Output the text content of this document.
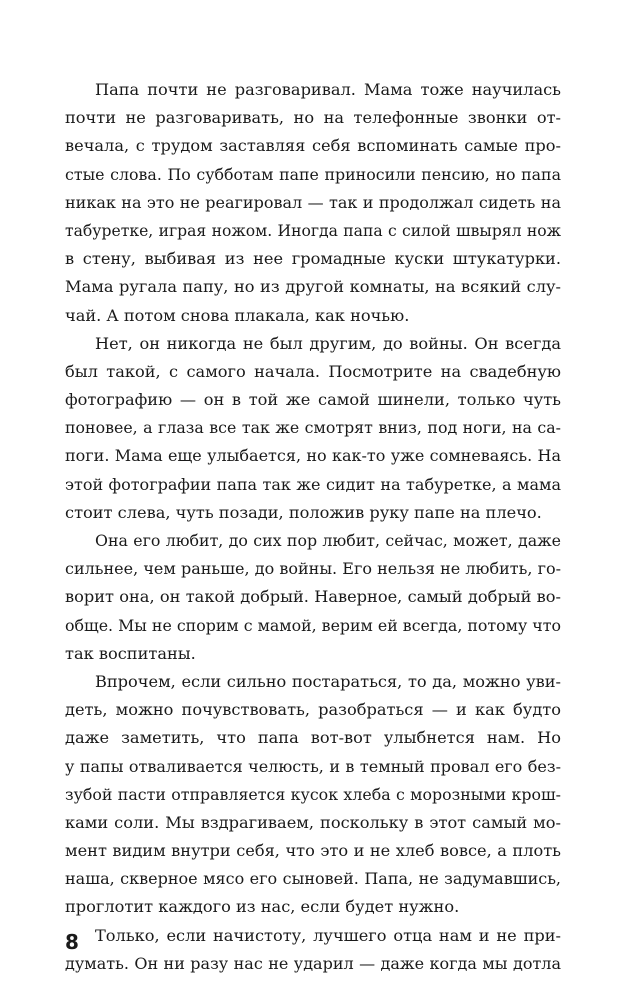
Папа почти не разговаривал. Мама тоже научилась
почти не разговаривать, но на телефонныe звонки от-
вечала, с трудом заставляя себя вспоминать самые про-
стые слова. По субботам папе приносили пенсию, но папа
никак на это не реагировал — так и продолжал сидеть на
табуретке, играя ножом. Иногда папа с силой швырял нож
в стену, выбивая из нее громадные куски штукатурки.
Мама ругала папу, но из другой комнаты, на всякий слу-
чай. А потом снова плакала, как ночью.
Нет, он никогда не был другим, до войны. Он всегда
был такой, с самого начала. Посмотрите на свадебную
фотографию — он в той же самой шинели, только чуть
поновее, а глаза все так же смотрят вниз, под ноги, на са-
поги. Мама еще улыбается, но как-то уже сомневаясь. На
этой фотографии папа так же сидит на табуретке, а мама
стоит слева, чуть позади, положив руку папе на плечо.
Она его любит, до сих пор любит, сейчас, может, даже
сильнее, чем раньше, до войны. Его нельзя не любить, го-
ворит она, он такой добрый. Наверное, самый добрый во-
обще. Мы не спорим с мамой, верим ей всегда, потому что
так воспитаны.
Впрочем, если сильно постараться, то да, можно уви-
деть, можно почувствовать, разобраться — и как будто
даже заметить, что папа вот-вот улыбнется нам. Но
у папы отваливается челюсть, и в темный провал его без-
зубой пасти отправляется кусок хлеба с морозными крош-
ками соли. Мы вздрагиваем, поскольку в этот самый мо-
мент видим внутри себя, что это и не хлеб вовсе, а плоть
наша, скверное мясо его сыновей. Папа, не задумавшись,
проглотит каждого из нас, если будет нужно.
Только, если начистоту, лучшего отца нам и не при-
думать. Он ни разу нас не ударил — даже когда мы дотла
8
